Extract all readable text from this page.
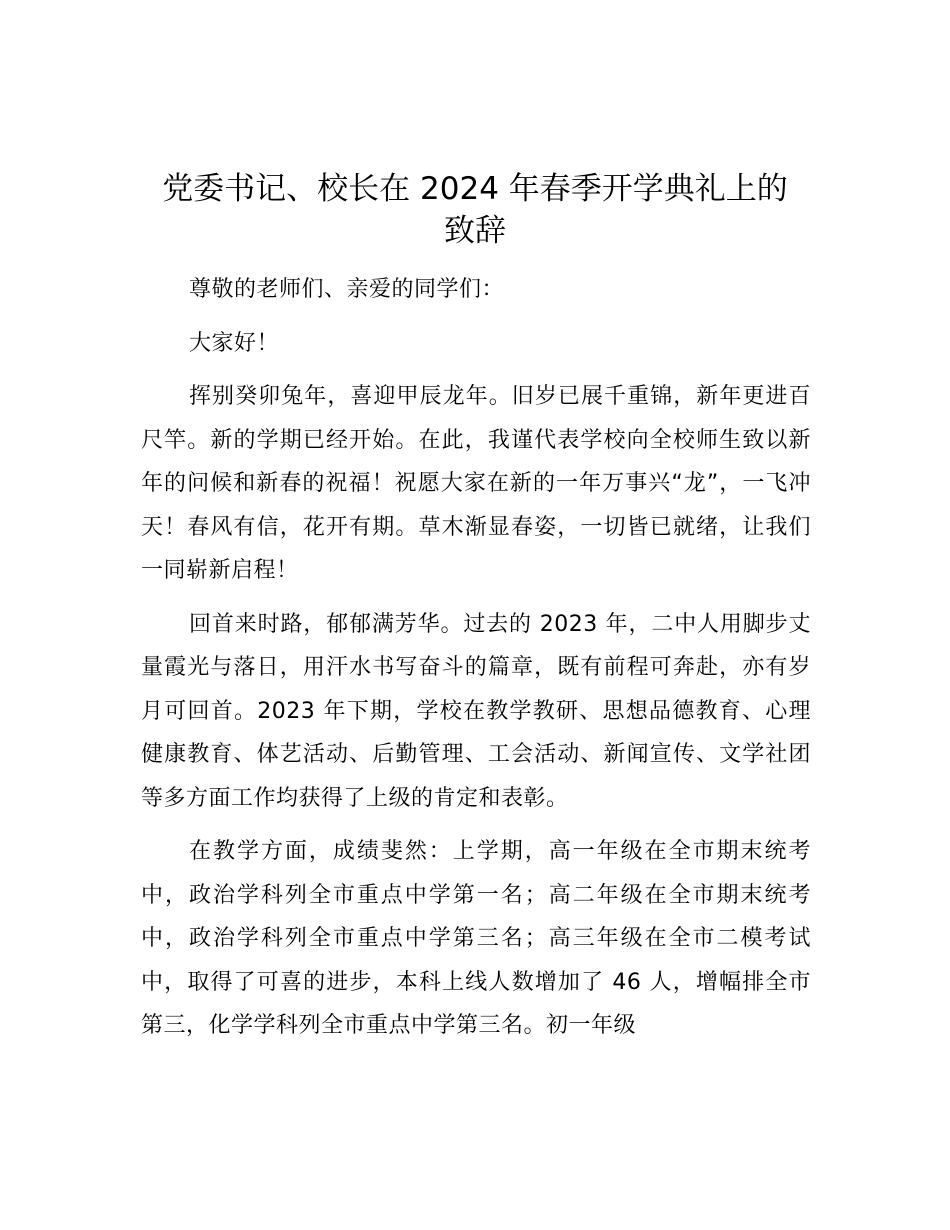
党委书记、校长在 2024 年春季开学典礼上的
致辞

尊敬的老师们、亲爱的同学们：

大家好！

挥别癸卯兔年，喜迎甲辰龙年。旧岁已展千重锦，新年更进百尺竿。新的学期已经开始。在此，我谨代表学校向全校师生致以新年的问候和新春的祝福！祝愿大家在新的一年万事兴“龙”，一飞冲天！春风有信，花开有期。草木渐显春姿，一切皆已就绪，让我们一同崭新启程！

回首来时路，郁郁满芳华。过去的 2023 年，二中人用脚步丈量霞光与落日，用汗水书写奋斗的篇章，既有前程可奔赴，亦有岁月可回首。2023 年下期，学校在教学教研、思想品德教育、心理健康教育、体艺活动、后勤管理、工会活动、新闻宣传、文学社团等多方面工作均获得了上级的肯定和表彰。

在教学方面，成绩斐然：上学期，高一年级在全市期末统考中，政治学科列全市重点中学第一名；高二年级在全市期末统考中，政治学科列全市重点中学第三名；高三年级在全市二模考试中，取得了可喜的进步，本科上线人数增加了 46 人，增幅排全市第三，化学学科列全市重点中学第三名。初一年级
